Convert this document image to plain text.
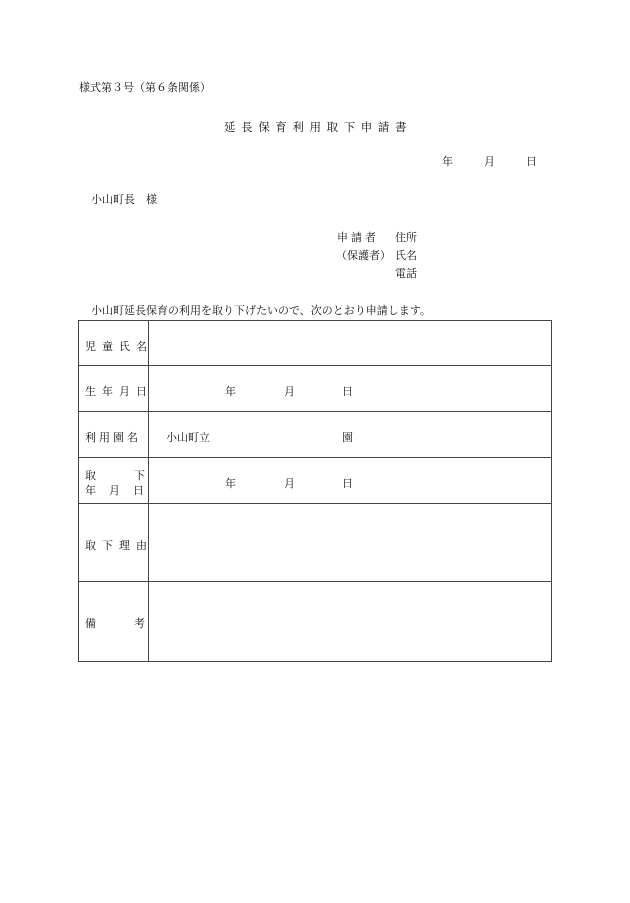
様式第３号（第６条関係）
延長保育利用取下申請書
年	月	日
小山町長　様
申請者 住所
（保護者） 氏名
電話
小山町延長保育の利用を取り下げたいので、次のとおり申請します。
児童氏名	

生年月日	年 月 日

利用園名	小山町立 園

取 下
年　月　日	年 月 日

取下理由	

備 考	
